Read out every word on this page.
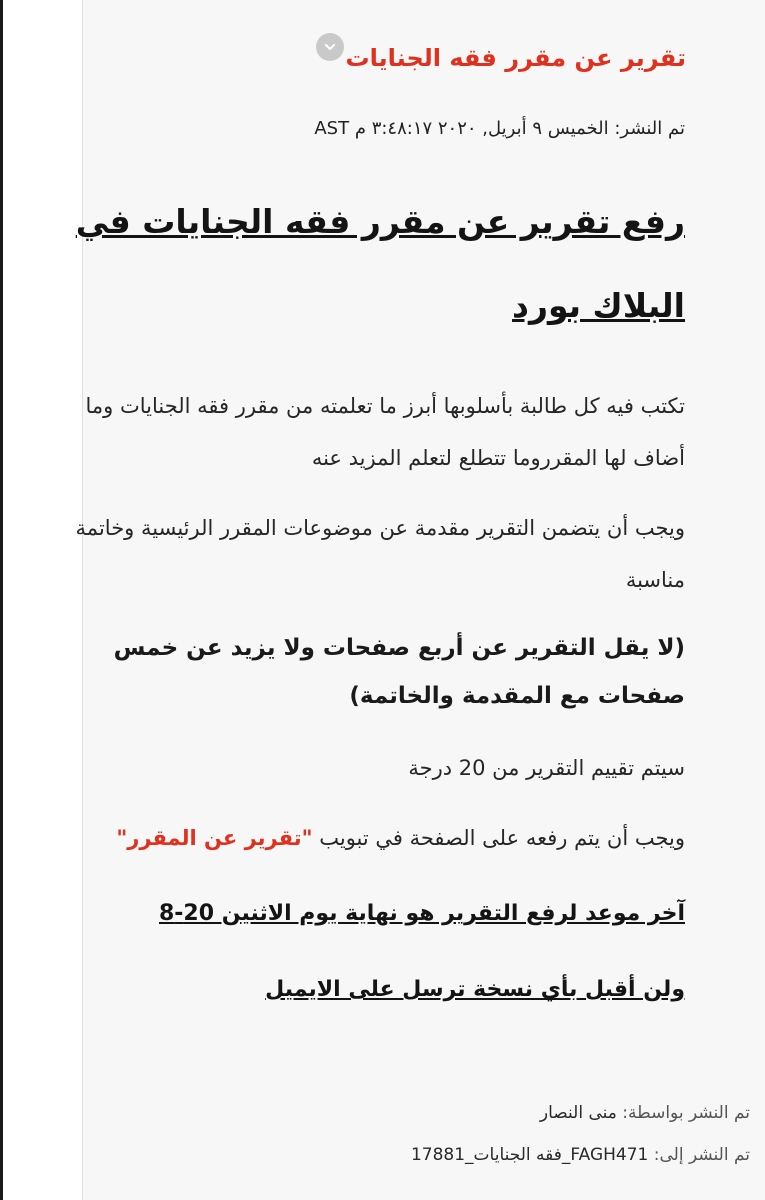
تقرير عن مقرر فقه الجنايات
تم النشر: الخميس ٩ أبريل, ٢٠٢٠ ٣:٤٨:١٧ م AST
رفع تقرير عن مقرر فقه الجنايات في البلاك بورد
تكتب فيه كل طالبة بأسلوبها أبرز ما تعلمته من مقرر فقه الجنايات وما أضاف لها المقرروما تتطلع لتعلم المزيد عنه
ويجب أن يتضمن التقرير مقدمة عن موضوعات المقرر الرئيسية وخاتمة مناسبة
(لا يقل التقرير عن أربع صفحات ولا يزيد عن خمس صفحات مع المقدمة والخاتمة)
سيتم تقييم التقرير من 20 درجة
ويجب أن يتم رفعه على الصفحة في تبويب "تقرير عن المقرر"
آخر موعد لرفع التقرير هو نهاية يوم الاثنين 20-8
ولن أقبل بأي نسخة ترسل على الايميل
تم النشر بواسطة: منى النصار
تم النشر إلى: FAGH471_فقه الجنايات_17881
